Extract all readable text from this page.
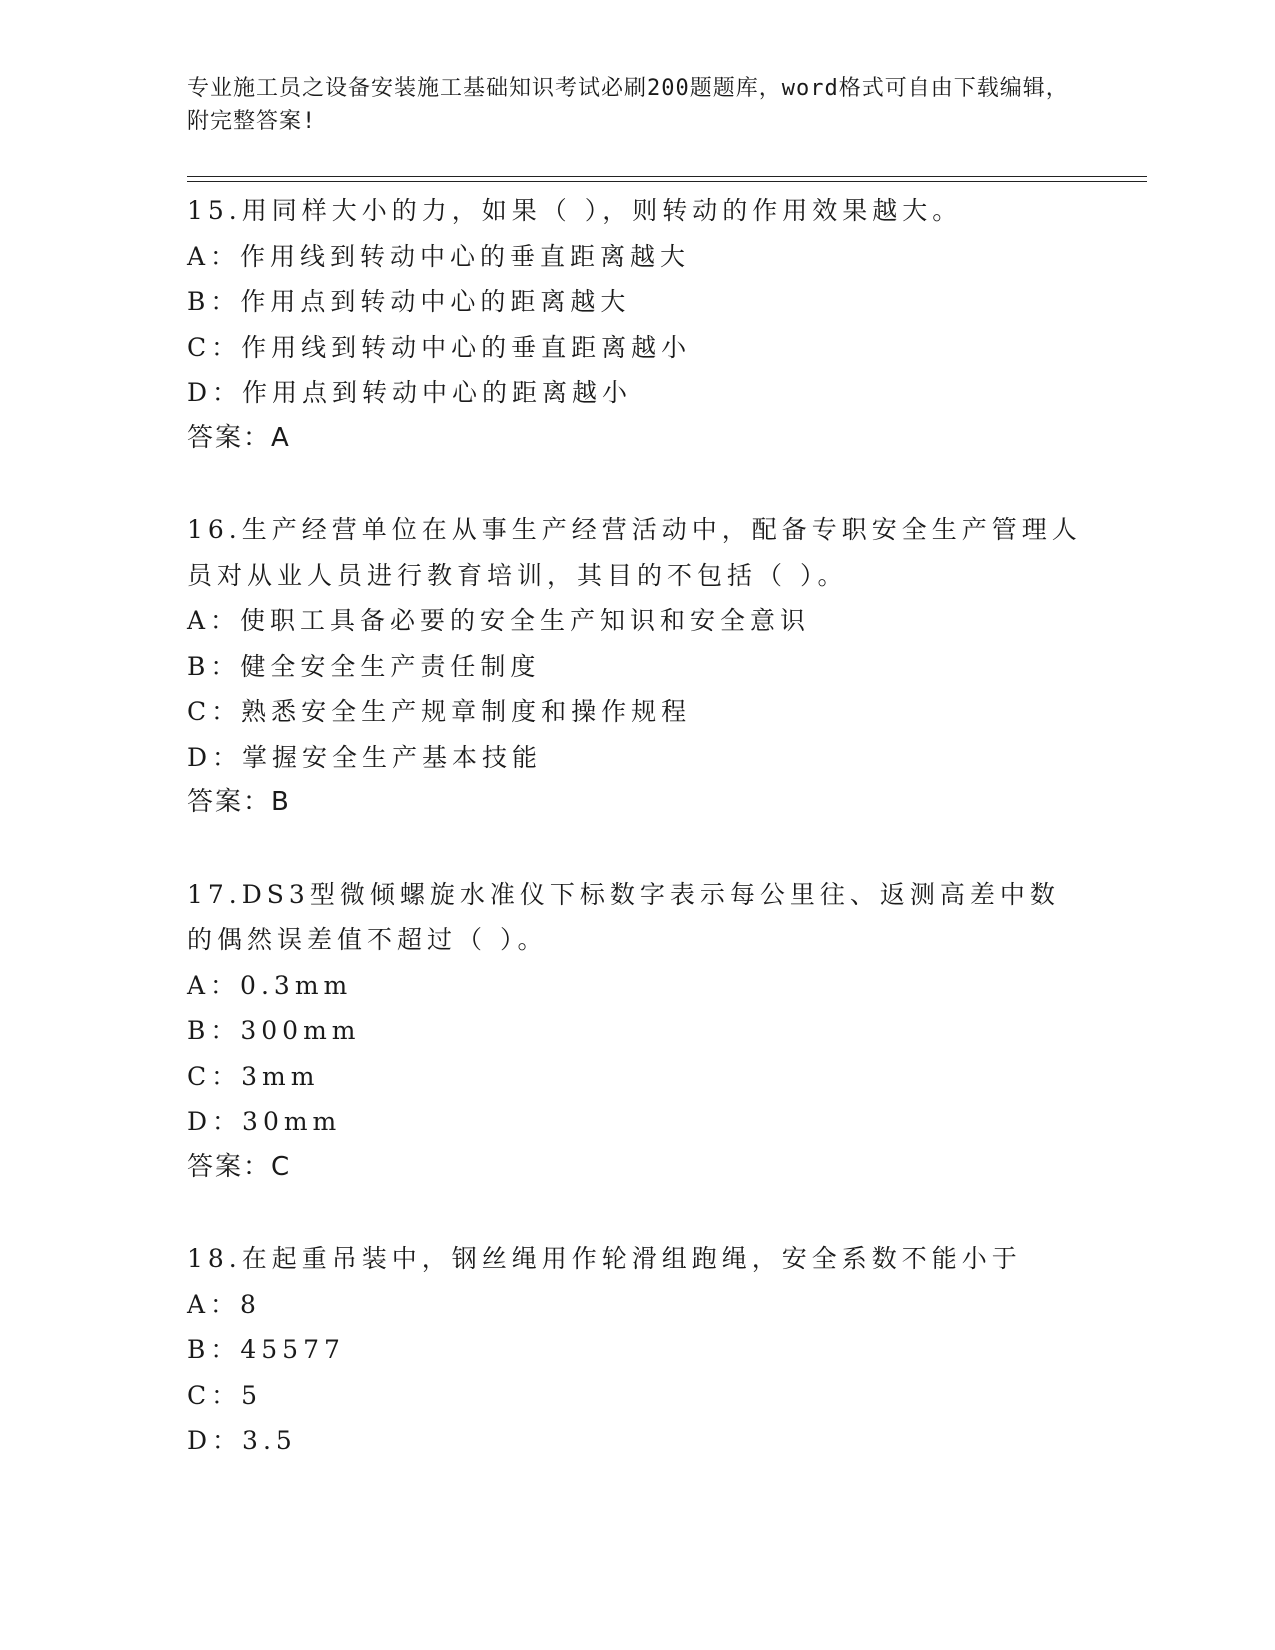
专业施工员之设备安装施工基础知识考试必刷200题题库，word格式可自由下载编辑，附完整答案!
15.用同样大小的力，如果（ ），则转动的作用效果越大。
A：作用线到转动中心的垂直距离越大
B：作用点到转动中心的距离越大
C：作用线到转动中心的垂直距离越小
D：作用点到转动中心的距离越小
答案：A
16.生产经营单位在从事生产经营活动中，配备专职安全生产管理人员对从业人员进行教育培训，其目的不包括（ ）。
A：使职工具备必要的安全生产知识和安全意识
B：健全安全生产责任制度
C：熟悉安全生产规章制度和操作规程
D：掌握安全生产基本技能
答案：B
17.DS3型微倾螺旋水准仪下标数字表示每公里往、返测高差中数的偶然误差值不超过（ ）。
A：0.3mm
B：300mm
C：3mm
D：30mm
答案：C
18.在起重吊装中，钢丝绳用作轮滑组跑绳，安全系数不能小于
A：8
B：45577
C：5
D：3.5
